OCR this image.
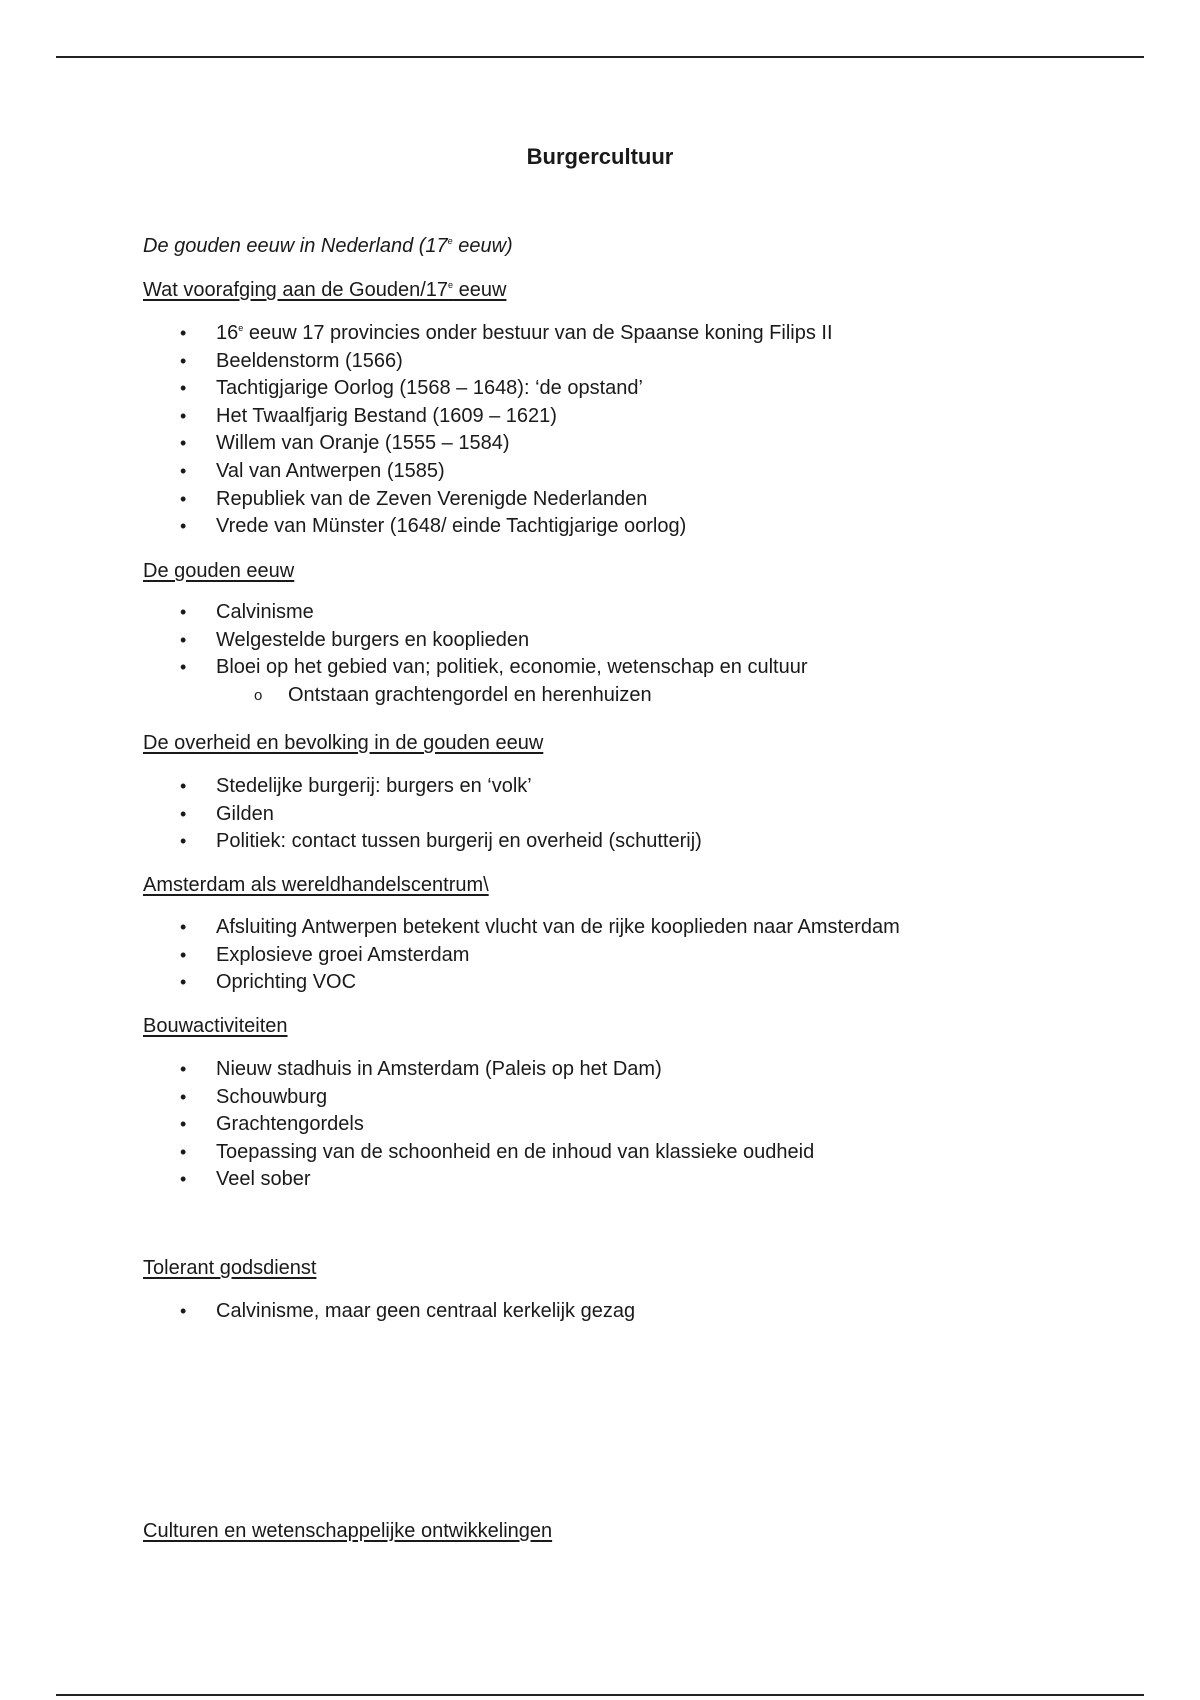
Burgercultuur
De gouden eeuw in Nederland (17e eeuw)
Wat voorafging aan de Gouden/17e eeuw
• 16e eeuw 17 provincies onder bestuur van de Spaanse koning Filips II
• Beeldenstorm (1566)
• Tachtigjarige Oorlog (1568 – 1648): ‘de opstand’
• Het Twaalfjarig Bestand (1609 – 1621)
• Willem van Oranje (1555 – 1584)
• Val van Antwerpen (1585)
• Republiek van de Zeven Verenigde Nederlanden
• Vrede van Münster (1648/ einde Tachtigjarige oorlog)
De gouden eeuw
• Calvinisme
• Welgestelde burgers en kooplieden
• Bloei op het gebied van; politiek, economie, wetenschap en cultuur
o Ontstaan grachtengordel en herenhuizen
De overheid en bevolking in de gouden eeuw
• Stedelijke burgerij: burgers en ‘volk’
• Gilden
• Politiek: contact tussen burgerij en overheid (schutterij)
Amsterdam als wereldhandelscentrum\
• Afsluiting Antwerpen betekent vlucht van de rijke kooplieden naar Amsterdam
• Explosieve groei Amsterdam
• Oprichting VOC
Bouwactiviteiten
• Nieuw stadhuis in Amsterdam (Paleis op het Dam)
• Schouwburg
• Grachtengordels
• Toepassing van de schoonheid en de inhoud van klassieke oudheid
• Veel sober
Tolerant godsdienst
• Calvinisme, maar geen centraal kerkelijk gezag
Culturen en wetenschappelijke ontwikkelingen
